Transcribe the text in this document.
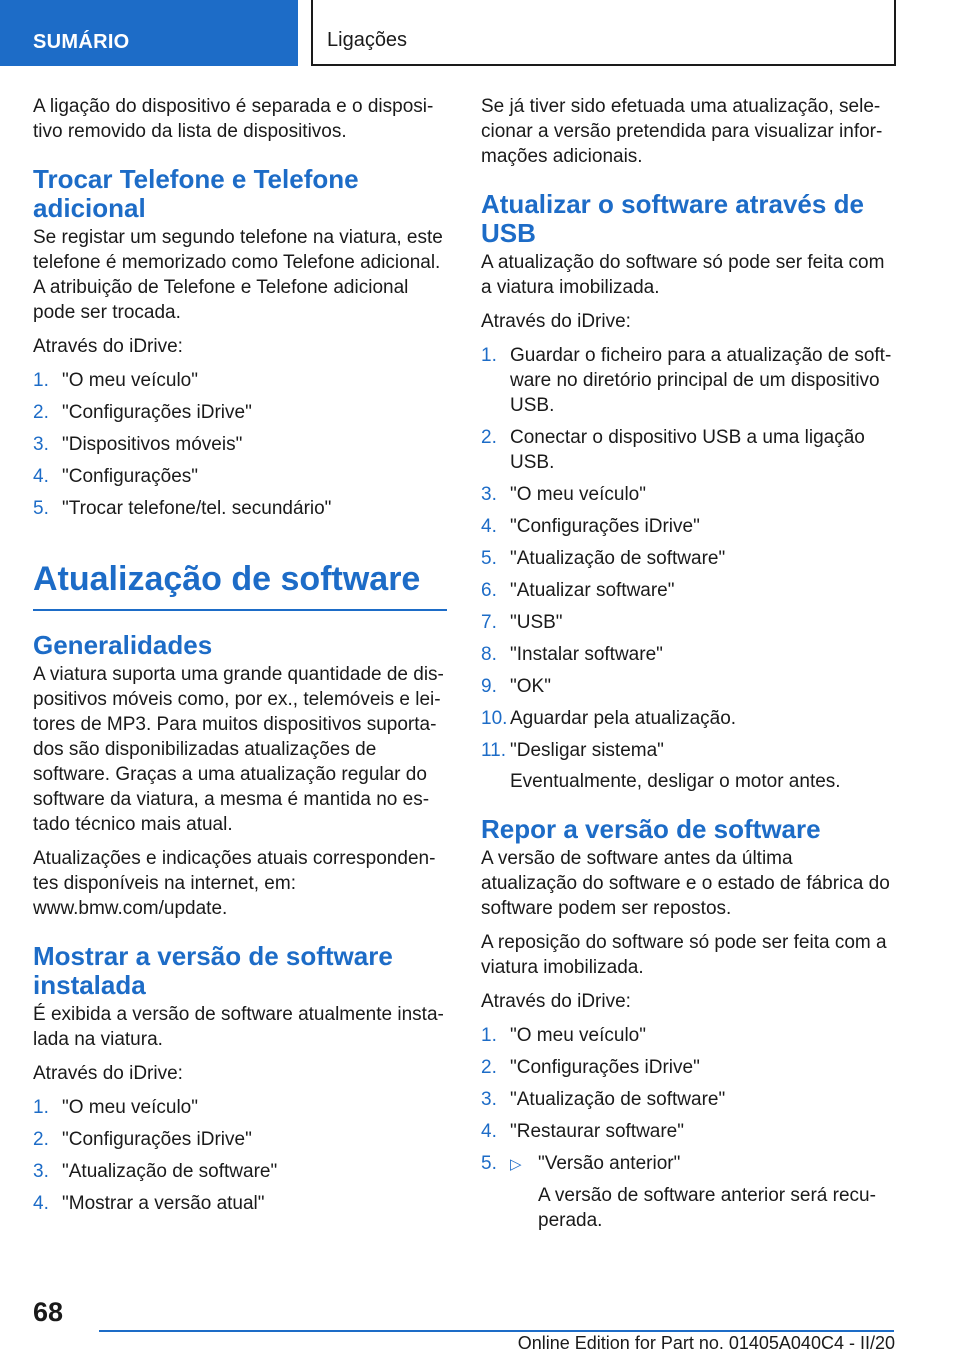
SUMÁRIO	Ligações

A ligação do dispositivo é separada e o disposi-tivo removido da lista de dispositivos.

Trocar Telefone e Telefone adicional

Se registar um segundo telefone na viatura, este telefone é memorizado como Telefone adicional. A atribuição de Telefone e Telefone adicional pode ser trocada.

Através do iDrive:

1. "O meu veículo"
2. "Configurações iDrive"
3. "Dispositivos móveis"
4. "Configurações"
5. "Trocar telefone/tel. secundário"
Atualização de software
Generalidades

A viatura suporta uma grande quantidade de dis-positivos móveis como, por ex., telemóveis e lei-tores de MP3. Para muitos dispositivos suporta-dos são disponibilizadas atualizações de software. Graças a uma atualização regular do software da viatura, a mesma é mantida no es-tado técnico mais atual.

Atualizações e indicações atuais corresponden-tes disponíveis na internet, em: www.bmw.com/update.

Mostrar a versão de software instalada

É exibida a versão de software atualmente insta-lada na viatura.

Através do iDrive:

1. "O meu veículo"
2. "Configurações iDrive"
3. "Atualização de software"
4. "Mostrar a versão atual"

Se já tiver sido efetuada uma atualização, sele-cionar a versão pretendida para visualizar infor-mações adicionais.

Atualizar o software através de USB

A atualização do software só pode ser feita com a viatura imobilizada.

Através do iDrive:

1. Guardar o ficheiro para a atualização de soft-ware no diretório principal de um dispositivo USB.
2. Conectar o dispositivo USB a uma ligação USB.
3. "O meu veículo"
4. "Configurações iDrive"
5. "Atualização de software"
6. "Atualizar software"
7. "USB"
8. "Instalar software"
9. "OK"
10. Aguardar pela atualização.
11. "Desligar sistema"
Eventualmente, desligar o motor antes.
Repor a versão de software

A versão de software antes da última atualização do software e o estado de fábrica do software podem ser repostos.

A reposição do software só pode ser feita com a viatura imobilizada.

Através do iDrive:

1. "O meu veículo"
2. "Configurações iDrive"
3. "Atualização de software"
4. "Restaurar software"
5. ▷ "Versão anterior"
A versão de software anterior será recu-perada.
68
Online Edition for Part no. 01405A040C4 - II/20
